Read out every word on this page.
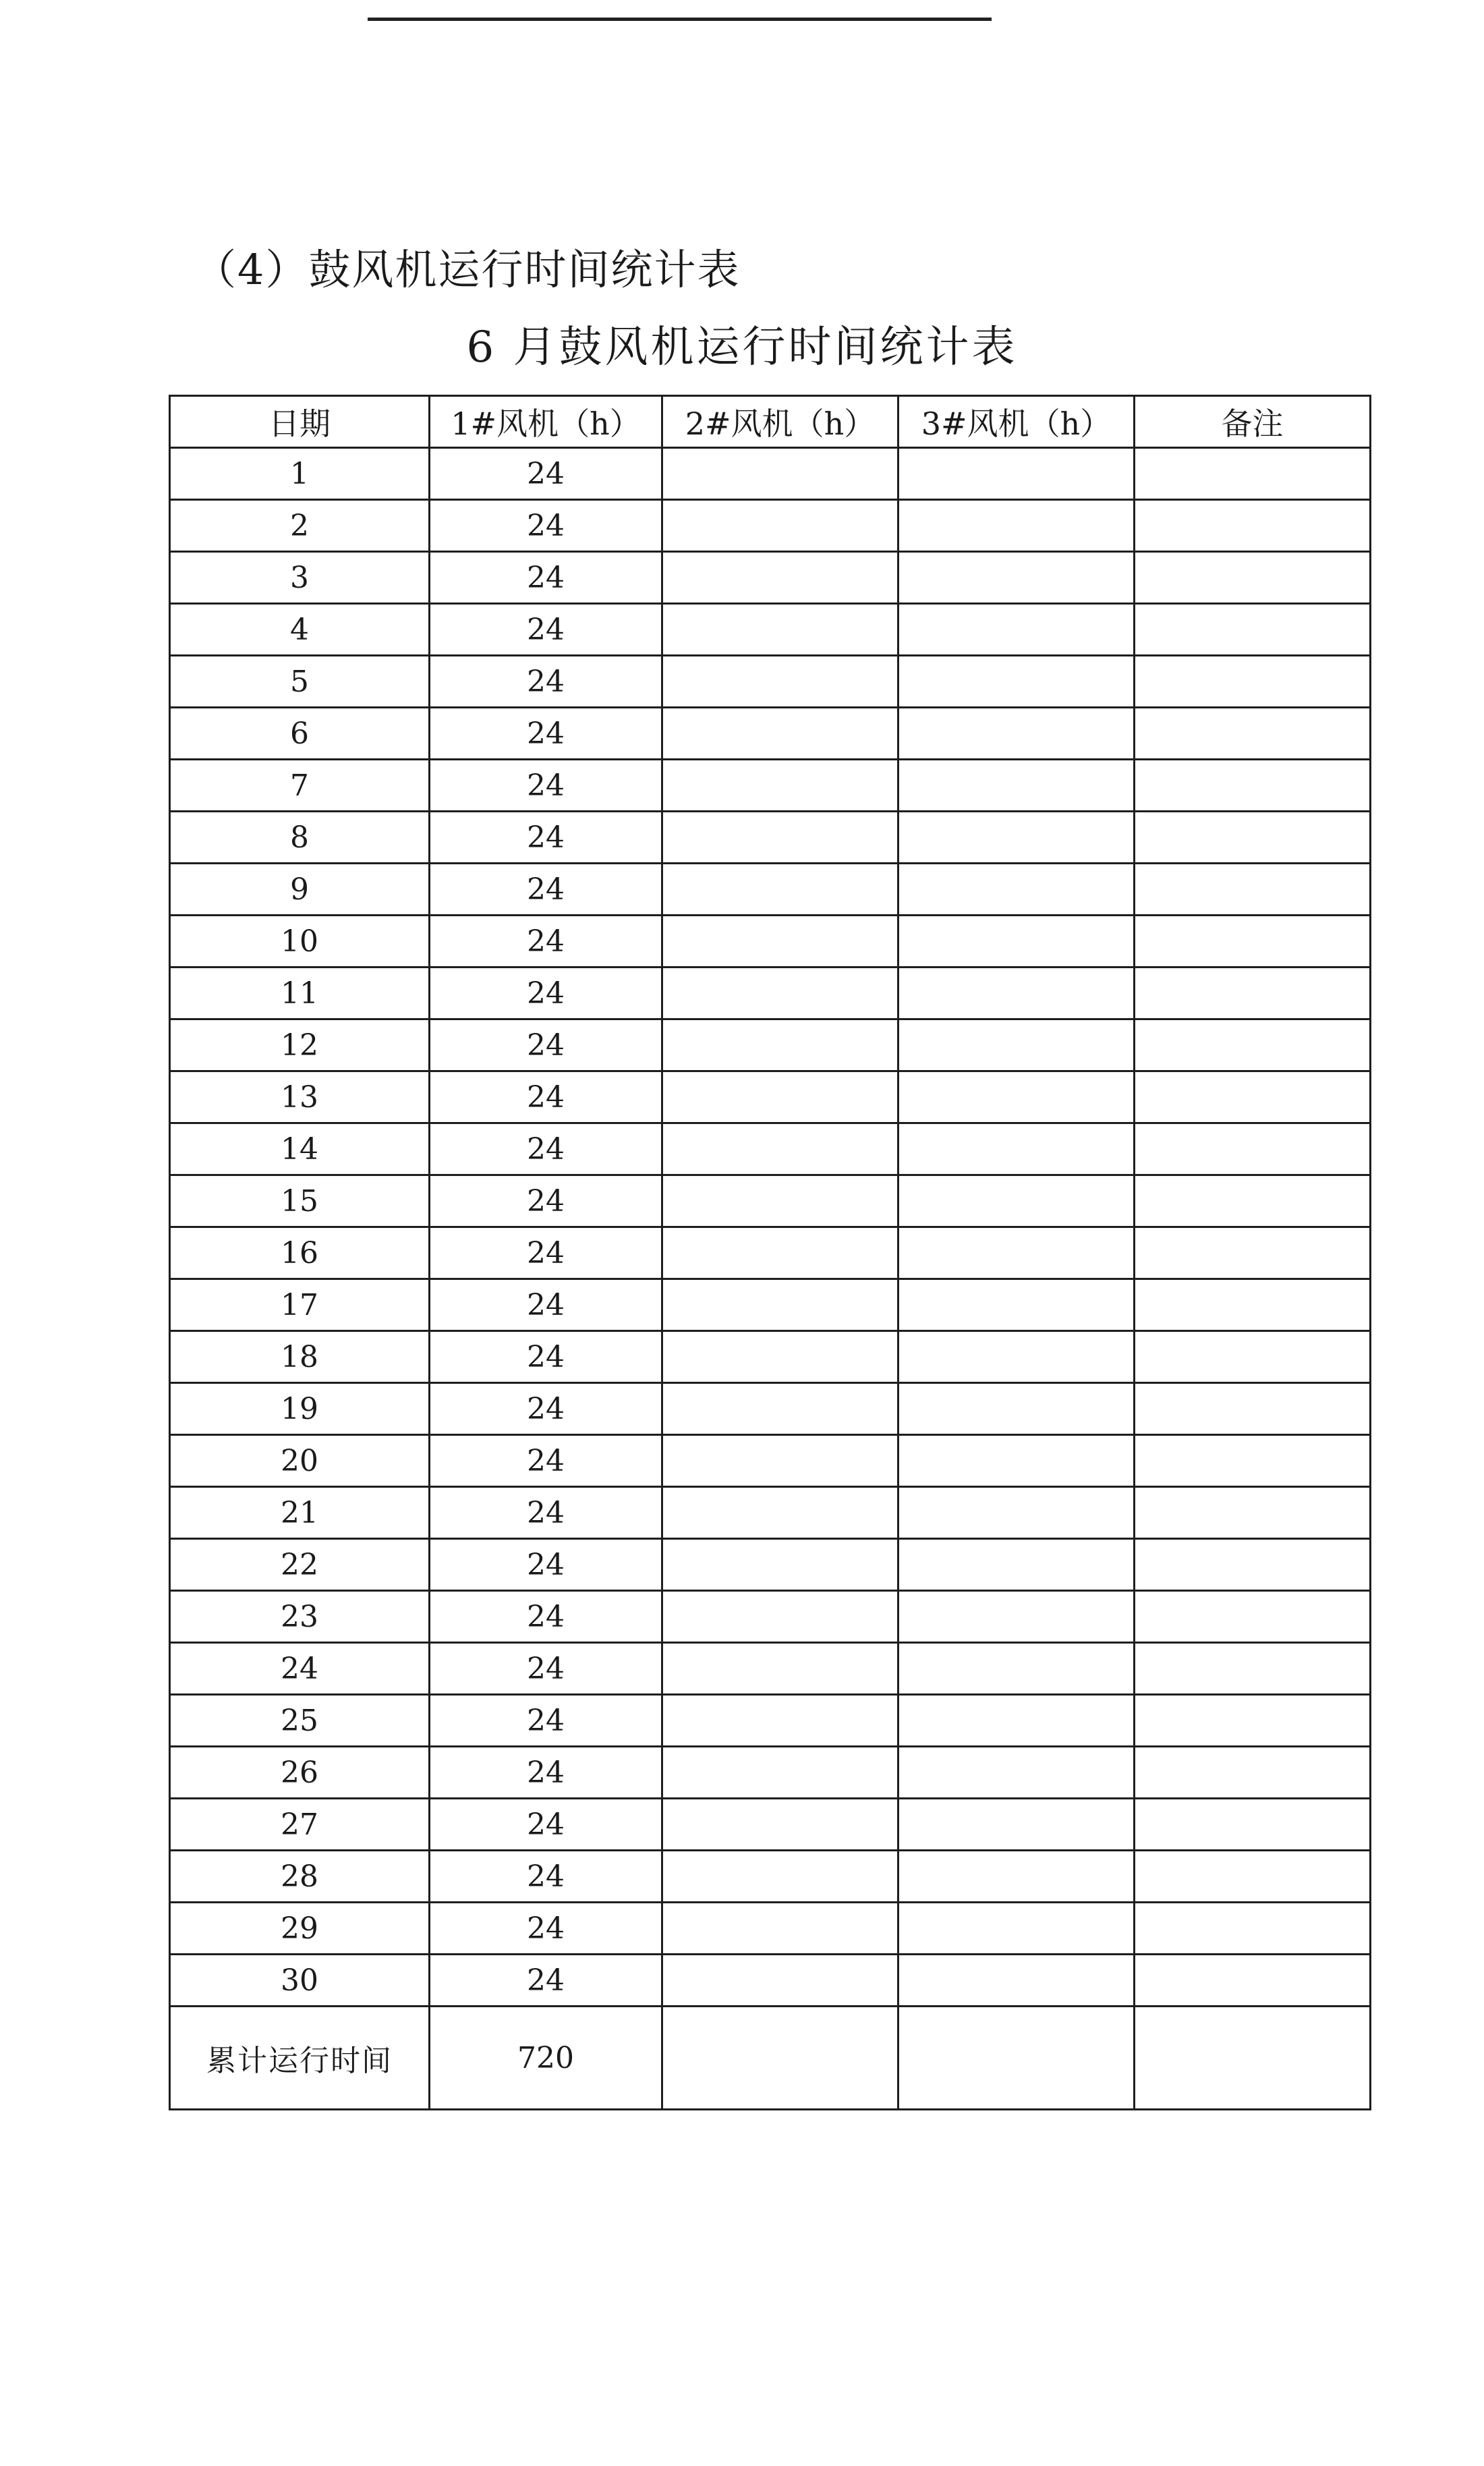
（4）鼓风机运行时间统计表
6 月鼓风机运行时间统计表
日期	1#风机（h）	2#风机（h）	3#风机（h）	备注
1	24			
2	24			
3	24			
4	24			
5	24			
6	24			
7	24			
8	24			
9	24			
10	24			
11	24			
12	24			
13	24			
14	24			
15	24			
16	24			
17	24			
18	24			
19	24			
20	24			
21	24			
22	24			
23	24			
24	24			
25	24			
26	24			
27	24			
28	24			
29	24			
30	24			
累计运行时间	720			
